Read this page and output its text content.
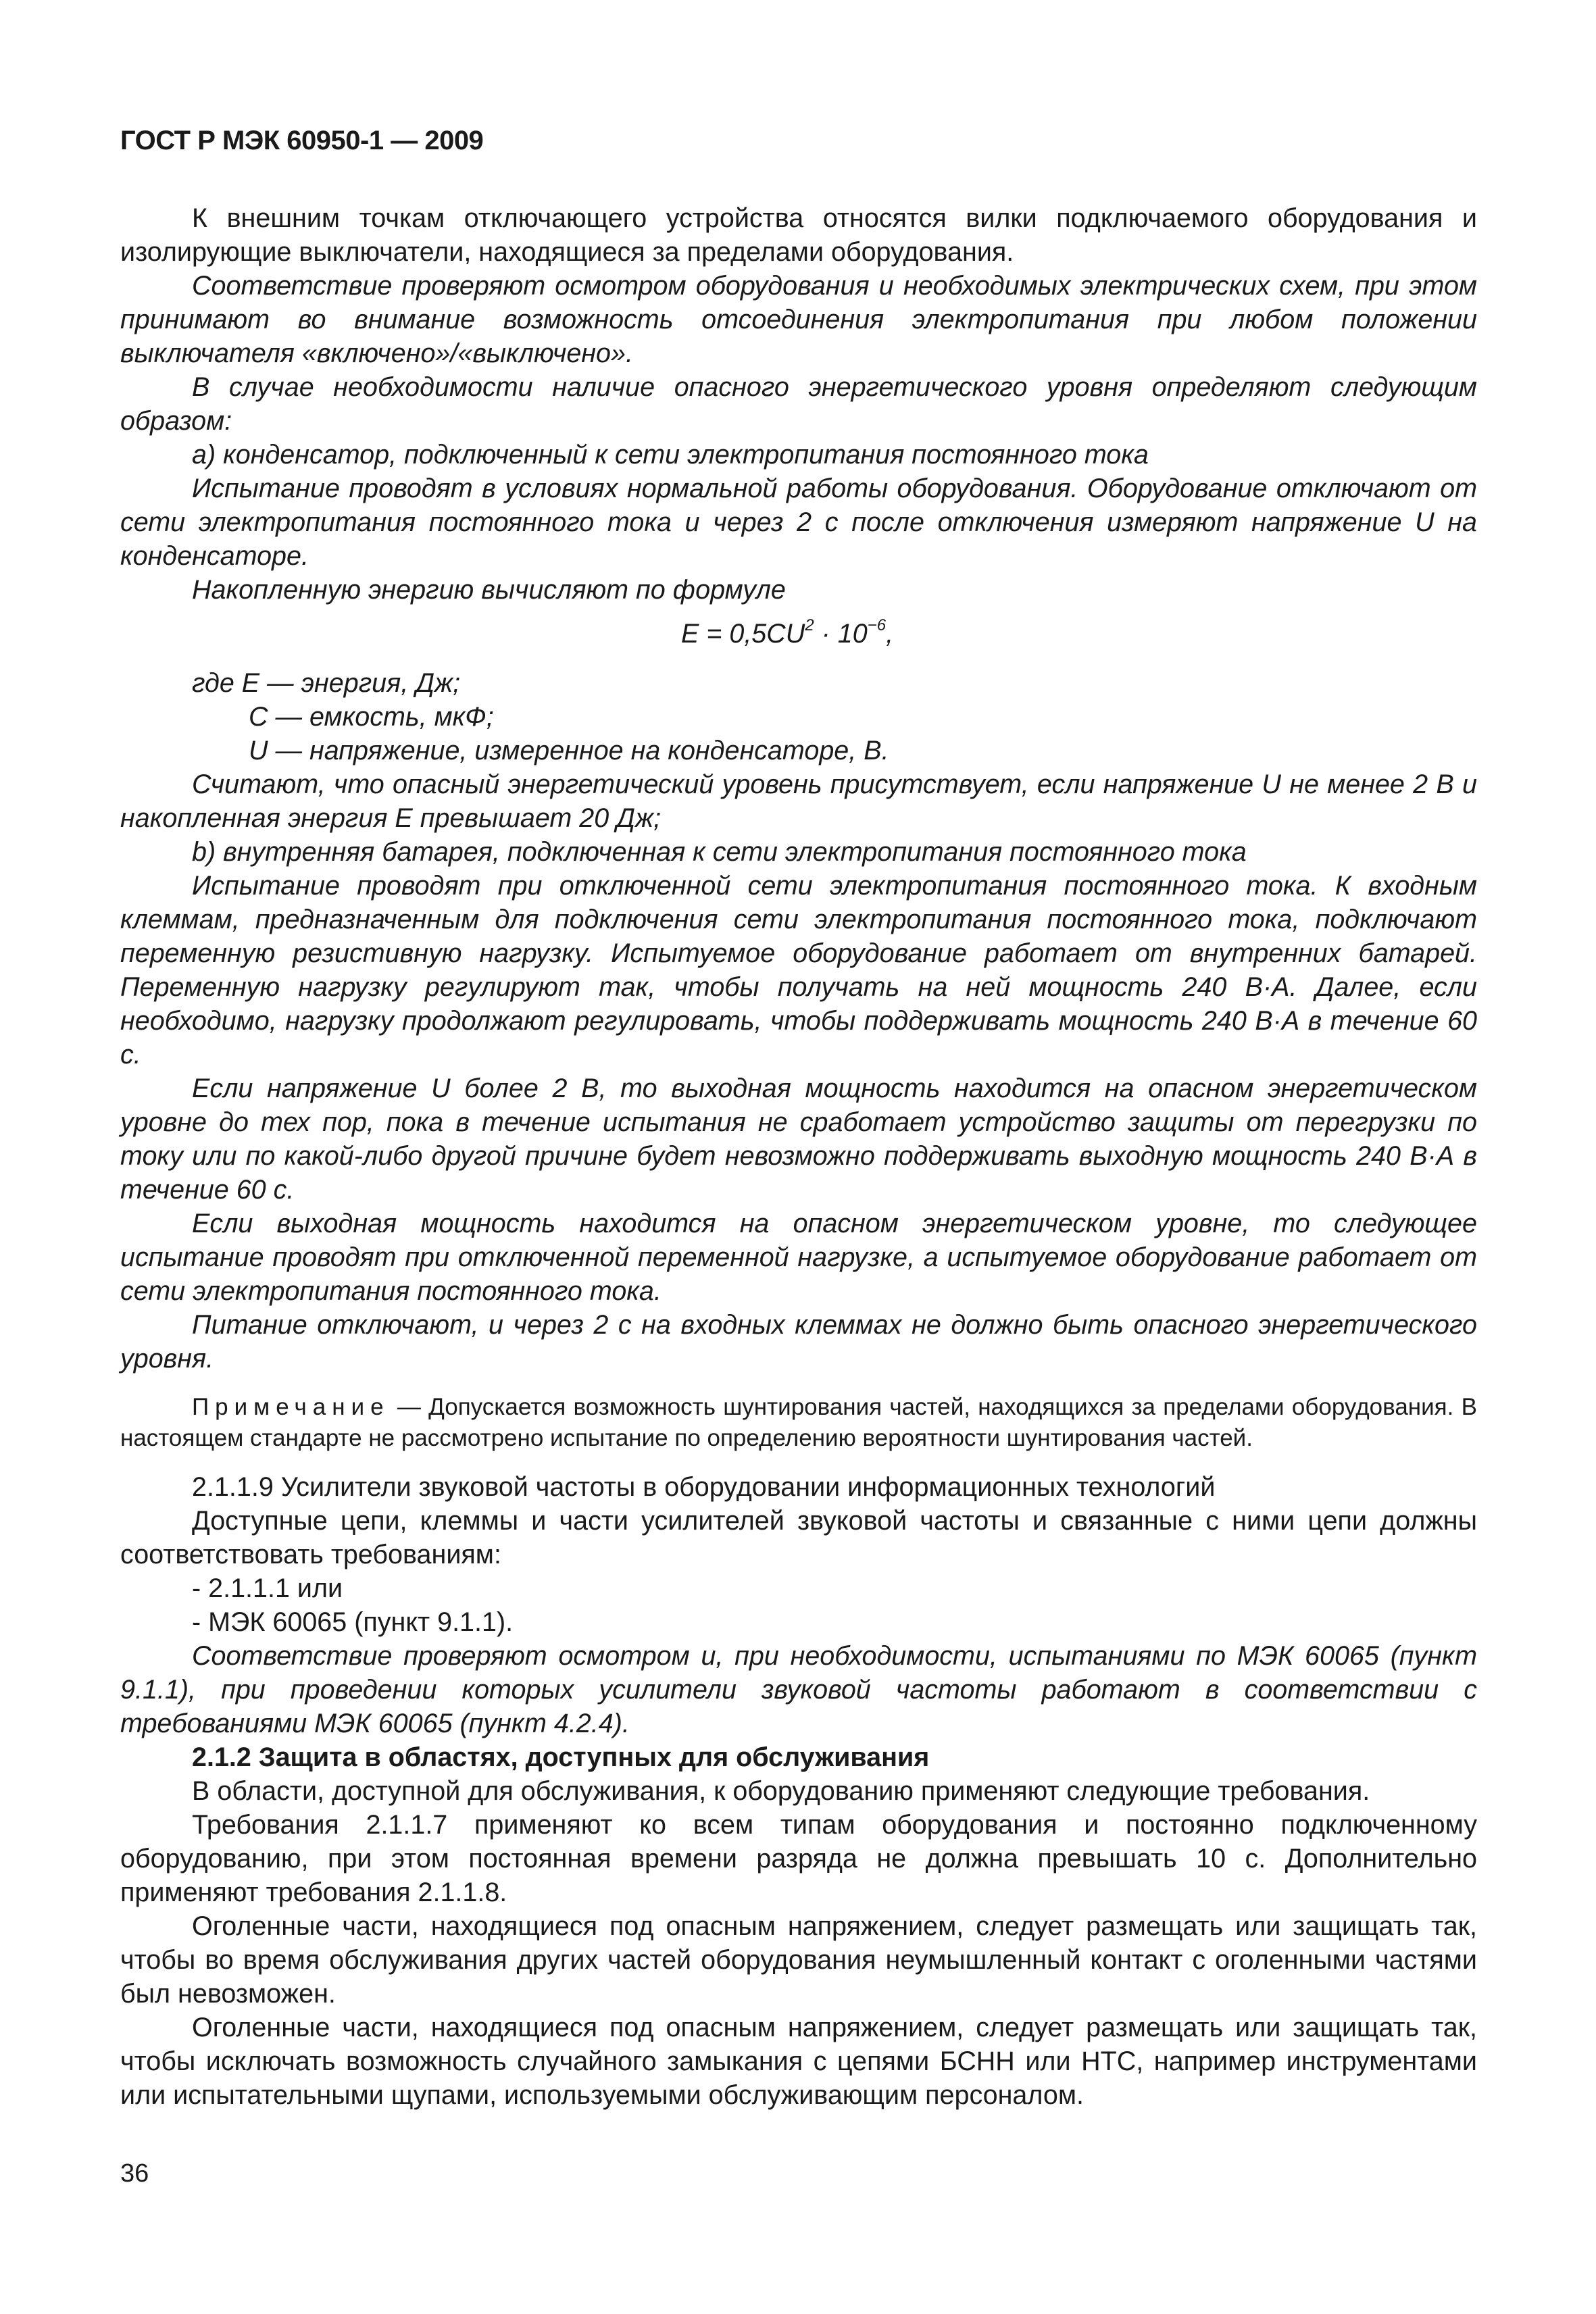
ГОСТ Р МЭК 60950-1 — 2009

К внешним точкам отключающего устройства относятся вилки подключаемого оборудования и изолирующие выключатели, находящиеся за пределами оборудования.

Соответствие проверяют осмотром оборудования и необходимых электрических схем, при этом принимают во внимание возможность отсоединения электропитания при любом положении выключателя «включено»/«выключено».

В случае необходимости наличие опасного энергетического уровня определяют следующим образом:

a) конденсатор, подключенный к сети электропитания постоянного тока

Испытание проводят в условиях нормальной работы оборудования. Оборудование отключают от сети электропитания постоянного тока и через 2 с после отключения измеряют напряжение U на конденсаторе.

Накопленную энергию вычисляют по формуле

$E = 0,5CU^2 \cdot 10^{-6}$,
где E — энергия, Дж;
C — емкость, мкФ;
U — напряжение, измеренное на конденсаторе, В.

Считают, что опасный энергетический уровень присутствует, если напряжение U не менее 2 В и накопленная энергия E превышает 20 Дж;

b) внутренняя батарея, подключенная к сети электропитания постоянного тока

Испытание проводят при отключенной сети электропитания постоянного тока. К входным клеммам, предназначенным для подключения сети электропитания постоянного тока, подключают переменную резистивную нагрузку. Испытуемое оборудование работает от внутренних батарей. Переменную нагрузку регулируют так, чтобы получать на ней мощность 240 В·А. Далее, если необходимо, нагрузку продолжают регулировать, чтобы поддерживать мощность 240 В·А в течение 60 с.

Если напряжение U более 2 В, то выходная мощность находится на опасном энергетическом уровне до тех пор, пока в течение испытания не сработает устройство защиты от перегрузки по току или по какой-либо другой причине будет невозможно поддерживать выходную мощность 240 В·А в течение 60 с.

Если выходная мощность находится на опасном энергетическом уровне, то следующее испытание проводят при отключенной переменной нагрузке, а испытуемое оборудование работает от сети электропитания постоянного тока.

Питание отключают, и через 2 с на входных клеммах не должно быть опасного энергетического уровня.

Примечание — Допускается возможность шунтирования частей, находящихся за пределами оборудования. В настоящем стандарте не рассмотрено испытание по определению вероятности шунтирования частей.

2.1.1.9 Усилители звуковой частоты в оборудовании информационных технологий

Доступные цепи, клеммы и части усилителей звуковой частоты и связанные с ними цепи должны соответствовать требованиям:

- 2.1.1.1 или

- МЭК 60065 (пункт 9.1.1).

Соответствие проверяют осмотром и, при необходимости, испытаниями по МЭК 60065 (пункт 9.1.1), при проведении которых усилители звуковой частоты работают в соответствии с требованиями МЭК 60065 (пункт 4.2.4).

2.1.2 Защита в областях, доступных для обслуживания

В области, доступной для обслуживания, к оборудованию применяют следующие требования.

Требования 2.1.1.7 применяют ко всем типам оборудования и постоянно подключенному оборудованию, при этом постоянная времени разряда не должна превышать 10 с. Дополнительно применяют требования 2.1.1.8.

Оголенные части, находящиеся под опасным напряжением, следует размещать или защищать так, чтобы во время обслуживания других частей оборудования неумышленный контакт с оголенными частями был невозможен.

Оголенные части, находящиеся под опасным напряжением, следует размещать или защищать так, чтобы исключать возможность случайного замыкания с цепями БСНН или НТС, например инструментами или испытательными щупами, используемыми обслуживающим персоналом.

36
